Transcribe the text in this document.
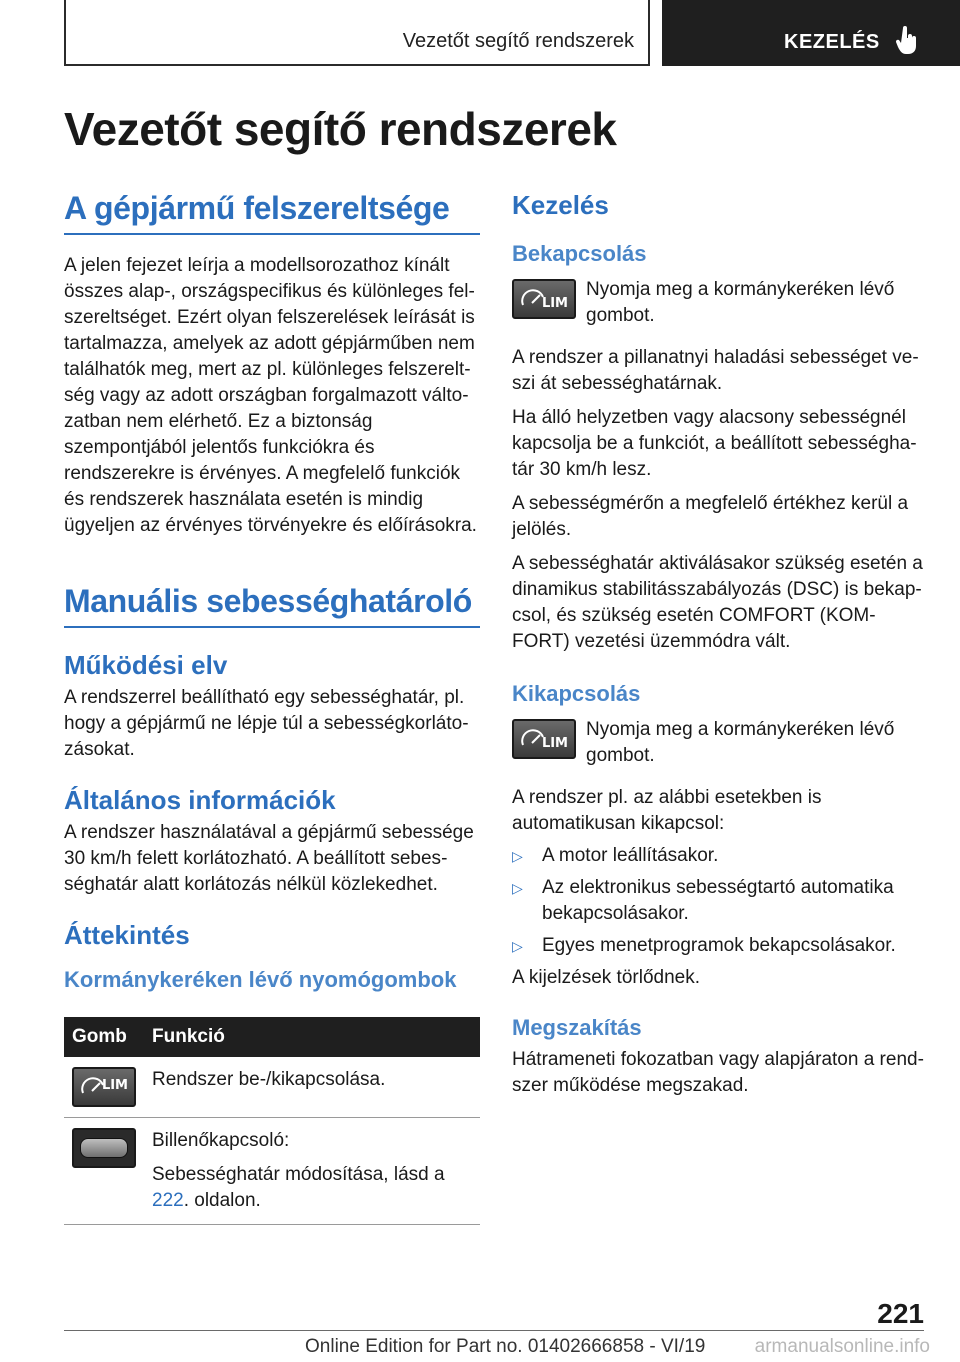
Vezetőt segítő rendszerek	KEZELÉS
Vezetőt segítő rendszerek
A gépjármű felszereltsége

A jelen fejezet leírja a modellsorozathoz kínált összes alap-, országspecifikus és különleges felszereltséget. Ezért olyan felszerelések leírását is tartalmazza, amelyek az adott gépjárműben nem találhatók meg, mert az pl. különleges felszereltség vagy az adott országban forgalmazott változatban nem elérhető. Ez a biztonság szempontjából jelentős funkciókra és rendszerekre is érvényes. A megfelelő funkciók és rendszerek használata esetén is mindig ügyeljen az érvényes törvényekre és előírásokra.

Manuális sebességhatároló
Működési elv

A rendszerrel beállítható egy sebességhatár, pl. hogy a gépjármű ne lépje túl a sebességkorlátozásokat.

Általános információk

A rendszer használatával a gépjármű sebessége 30 km/h felett korlátozható. A beállított sebességhatár alatt korlátozás nélkül közlekedhet.

Áttekintés
Kormánykeréken lévő nyomógombok
Gomb	Funkció

LIM	Rendszer be-/kikapcsolása.

	Billenőkapcsoló:

Sebességhatár módosítása, lásd a 222. oldalon.

Kezelés
Bekapcsolás
LIM

Nyomja meg a kormánykeréken lévő gombot.

A rendszer a pillanatnyi haladási sebességet veszi át sebességhatárnak.

Ha álló helyzetben vagy alacsony sebességnél kapcsolja be a funkciót, a beállított sebességhatár 30 km/h lesz.

A sebességmérőn a megfelelő értékhez kerül a jelölés.

A sebességhatár aktiválásakor szükség esetén a dinamikus stabilitásszabályozás (DSC) is bekapcsol, és szükség esetén COMFORT (KOMFORT) vezetési üzemmódra vált.

Kikapcsolás
LIM

Nyomja meg a kormánykeréken lévő gombot.

A rendszer pl. az alábbi esetekben is automatikusan kikapcsol:

▷ A motor leállításakor.
▷ Az elektronikus sebességtartó automatika bekapcsolásakor.
▷ Egyes menetprogramok bekapcsolásakor.

A kijelzések törlődnek.

Megszakítás

Hátrameneti fokozatban vagy alapjáraton a rendszer működése megszakad.

221
Online Edition for Part no. 01402666858 - VI/19	armanualsonline.info
